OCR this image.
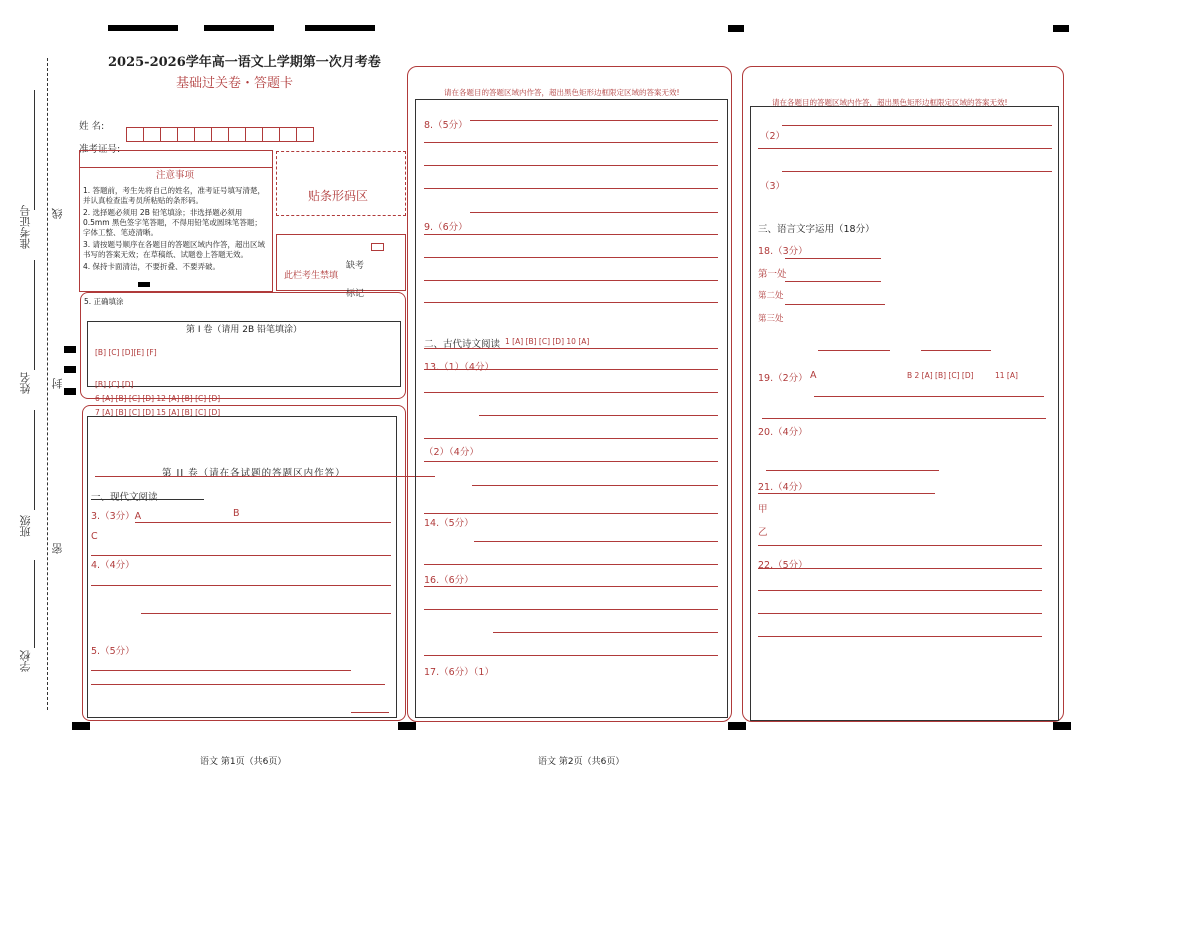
准考证号 线
姓名 封
班级
密
学校
2025-2026学年高一语文上学期第一次月考卷
基础过关卷・答题卡
姓 名:
准考证号:
注意事项
1. 答题前，考生先将自己的姓名，准考证号填写清楚，并认真检查监考员所粘贴的条形码。
2. 选择题必须用 2B 铅笔填涂；非选择题必须用 0.5mm 黑色签字笔答题，不得用铅笔或圆珠笔答题；字体工整、笔迹清晰。
3. 请按题号顺序在各题目的答题区域内作答，超出区域书写的答案无效；在草稿纸、试题卷上答题无效。
4. 保持卡面清洁，不要折叠、不要弄破。
贴条形码区
此栏考生禁填
缺考
标记
5. 正确填涂
第 I 卷（请用 2B 铅笔填涂）
[B] [C] [D][E] [F]
[B] [C] [D]
6 [A] [B] [C] [D] 12 [A] [B] [C] [D]
7 [A] [B] [C] [D] 15 [A] [B] [C] [D]
第 II 卷（请在各试题的答题区内作答）
一、现代文阅读
3.（3分）A	B
C
4.（4分）
5.（5分）
请在各题目的答题区域内作答，超出黑色矩形边框限定区域的答案无效!
8.（5分）
9.（6分）
二、古代诗文阅读 1 [A] [B] [C] [D] 10 [A]
13.（1）（4分）
（2）（4分）
14.（5分）
16.（6分）
17.（6分）（1）
请在各题目的答题区域内作答，超出黑色矩形边框限定区域的答案无效!
（2）
（3）
三、语言文字运用（18分）
18.（3分）
第一处
第二处
第三处
19.（2分） A	B 2 [A] [B] [C] [D]	11 [A]
20.（4分）
21.（4分）
甲
乙
22.（5分）
语文 第1页（共6页）	语文 第2页（共6页）
